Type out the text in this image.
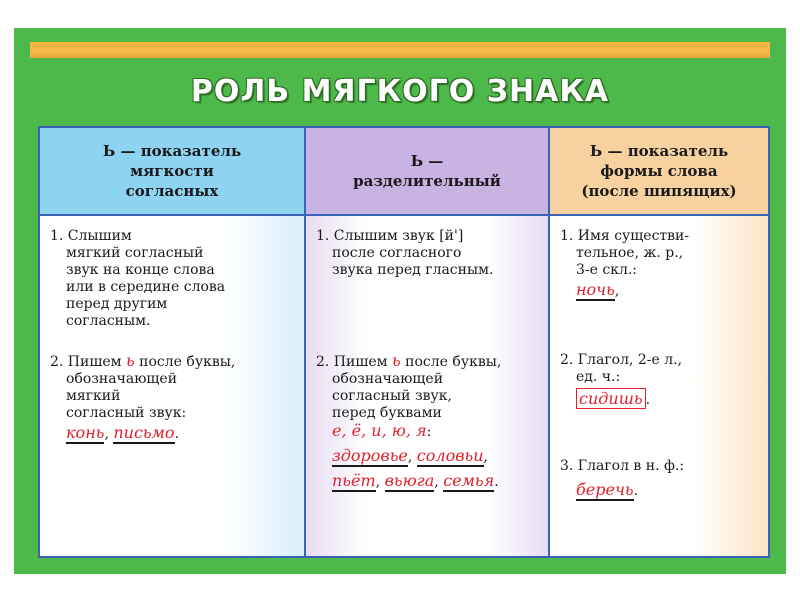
РОЛЬ МЯГКОГО ЗНАКА
Ь — показатель
мягкости
согласных
1. Слышим
мягкий согласный
звук на конце слова
или в середине слова
перед другим
согласным.
2. Пишем ь после буквы,
обозначающей
мягкий
согласный звук:
конь, письмо.
Ь —
разделительный
1. Слышим звук [й']
после согласного
звука перед гласным.
2. Пишем ь после буквы,
обозначающей
согласный звук,
перед буквами
е, ё, и, ю, я:
здоровье, соловьи,
пьёт, вьюга, семья.
Ь — показатель
формы слова
(после шипящих)
1. Имя существи-
тельное, ж. р.,
3-е скл.:
ночь,
2. Глагол, 2-е л.,
ед. ч.:
сидишь .
3. Глагол в н. ф.:
беречь.
